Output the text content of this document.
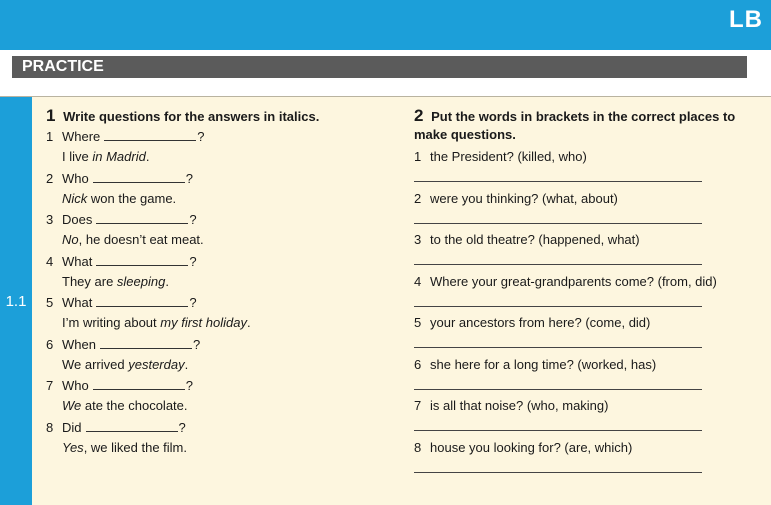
LB
PRACTICE
1.1
1 Write questions for the answers in italics.
1 Where	?
I live in Madrid.
2 Who	?
Nick won the game.
3 Does	?
No, he doesn’t eat meat.
4 What	?
They are sleeping.
5 What	?
I’m writing about my first holiday.
6 When	?
We arrived yesterday.
7 Who	?
We ate the chocolate.
8 Did	?
Yes, we liked the film.
2 Put the words in brackets in the correct places to
make questions.
1 the President? (killed, who)
2 were you thinking? (what, about)
3 to the old theatre? (happened, what)
4 Where your great-grandparents come? (from, did)
5 your ancestors from here? (come, did)
6 she here for a long time? (worked, has)
7 is all that noise? (who, making)
8 house you looking for? (are, which)
